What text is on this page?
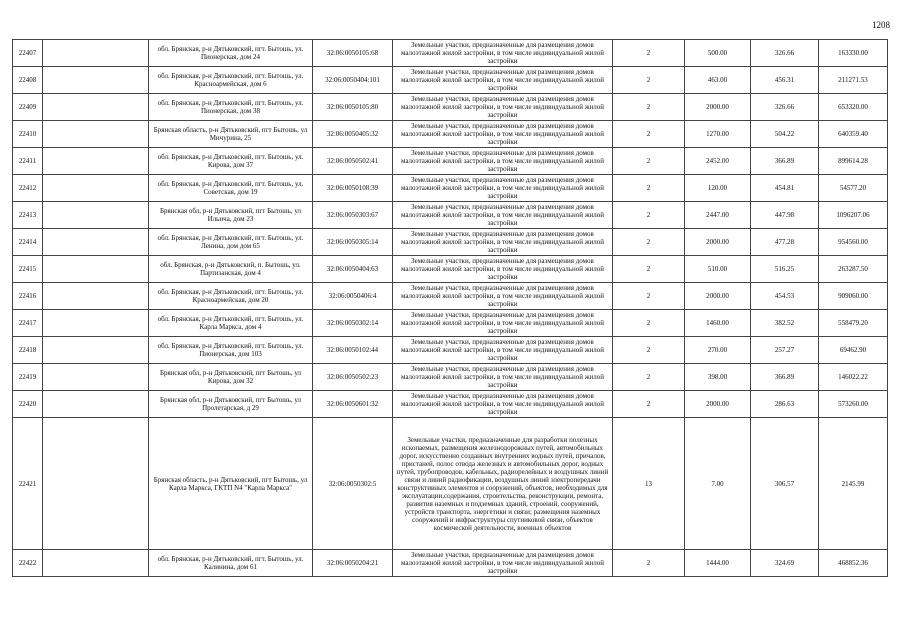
1208
22407		обл. Брянская, р-н Дятьковский, пгт. Бытошь, ул. Пионерская, дом 24	32:06:0050105:68	Земельные участки, предназначенные для размещения домов малоэтажной жилой застройки, в том числе индивидуальной жилой застройки	2	500.00	326.66	163330.00
22408		обл. Брянская, р-н Дятьковский, пгт. Бытошь, ул. Красноармейская, дом 6	32:06:0050404:101	Земельные участки, предназначенные для размещения домов малоэтажной жилой застройки, в том числе индивидуальной жилой застройки	2	463.00	456.31	211271.53
22409		обл. Брянская, р-н Дятьковский, пгт. Бытошь, ул. Пионерская, дом 38	32:06:0050105:80	Земельные участки, предназначенные для размещения домов малоэтажной жилой застройки, в том числе индивидуальной жилой застройки	2	2000.00	326.66	653320.00
22410		Брянская область, р-н Дятьковский, пгт Бытошь, ул Мичурина, 25	32:06:0050405:32	Земельные участки, предназначенные для размещения домов малоэтажной жилой застройки, в том числе индивидуальной жилой застройки	2	1270.00	504.22	640359.40
22411		обл. Брянская, р-н Дятьковский, пгт. Бытошь, ул. Кирова, дом 37	32:06:0050502:41	Земельные участки, предназначенные для размещения домов малоэтажной жилой застройки, в том числе индивидуальной жилой застройки	2	2452.00	366.89	899614.28
22412		обл. Брянская, р-н Дятьковский, пгт. Бытошь, ул. Советская, дом 19	32:06:0050108:39	Земельные участки, предназначенные для размещения домов малоэтажной жилой застройки, в том числе индивидуальной жилой застройки	2	120.00	454.81	54577.20
22413		Брянская обл, р-н Дятьковский, пгт Бытошь, ул Ильича, дом 23	32:06:0050303:67	Земельные участки, предназначенные для размещения домов малоэтажной жилой застройки, в том числе индивидуальной жилой застройки	2	2447.00	447.98	1096207.06
22414		обл. Брянская, р-н Дятьковский, пгт. Бытошь, ул. Ленина, дом дом 65	32:06:0050305:14	Земельные участки, предназначенные для размещения домов малоэтажной жилой застройки, в том числе индивидуальной жилой застройки	2	2000.00	477.28	954560.00
22415		обл. Брянская, р-н Дятьковский, п. Бытошь, ул. Партизанская, дом 4	32:06:0050404:63	Земельные участки, предназначенные для размещения домов малоэтажной жилой застройки, в том числе индивидуальной жилой застройки	2	510.00	516.25	263287.50
22416		обл. Брянская, р-н Дятьковский, пгт. Бытошь, ул. Красноармейская, дом 20	32:06:0050406:4	Земельные участки, предназначенные для размещения домов малоэтажной жилой застройки, в том числе индивидуальной жилой застройки	2	2000.00	454.53	909060.00
22417		обл. Брянская, р-н Дятьковский, пгт. Бытошь, ул. Карла Маркса, дом 4	32:06:0050302:14	Земельные участки, предназначенные для размещения домов малоэтажной жилой застройки, в том числе индивидуальной жилой застройки	2	1460.00	382.52	558479.20
22418		обл. Брянская, р-н Дятьковский, пгт. Бытошь, ул. Пионерская, дом 103	32:06:0050102:44	Земельные участки, предназначенные для размещения домов малоэтажной жилой застройки, в том числе индивидуальной жилой застройки	2	270.00	257.27	69462.90
22419		Брянская обл, р-н Дятьковский, пгт Бытошь, ул Кирова, дом 32	32:06:0050502:23	Земельные участки, предназначенные для размещения домов малоэтажной жилой застройки, в том числе индивидуальной жилой застройки	2	398.00	366.89	146022.22
22420		Брянская обл, р-н Дятьковский, пгт Бытошь, ул Пролетарская, д 29	32:06:0050601:32	Земельные участки, предназначенные для размещения домов малоэтажной жилой застройки, в том числе индивидуальной жилой застройки	2	2000.00	286.63	573260.00
22421		Брянская область, р-н Дятьковский, пгт Бытошь, ул Карла Маркса, ГКТП N4 "Карла Маркса"	32:06:0050302:5	Земельные участки, предназначенные для разработки полезных ископаемых, размещения железнодорожных путей, автомобильных дорог, искусственно созданных внутренних водных путей, причалов, пристаней, полос отвода железных и автомобильных дорог, водных путей, трубопроводов, кабельных, радиорелейных и воздушных линий связи и линий радиофикации, воздушных линий электропередачи конструктивных элементов и сооружений, объектов, необходимых для эксплуатации,содержания, строительства, реконструкции, ремонта, развития наземных и подземных зданий, строений, сооружений, устройств транспорта, энергетики и связи; размещения наземных сооружений и инфраструктуры спутниковой связи, объектов космической деятельности, военных объектов	13	7.00	306.57	2145.99
22422		обл. Брянская, р-н Дятьковский, пгт. Бытошь, ул. Калинина, дом 61	32:06:0050204:21	Земельные участки, предназначенные для размещения домов малоэтажной жилой застройки, в том числе индивидуальной жилой застройки	2	1444.00	324.69	468852.36
